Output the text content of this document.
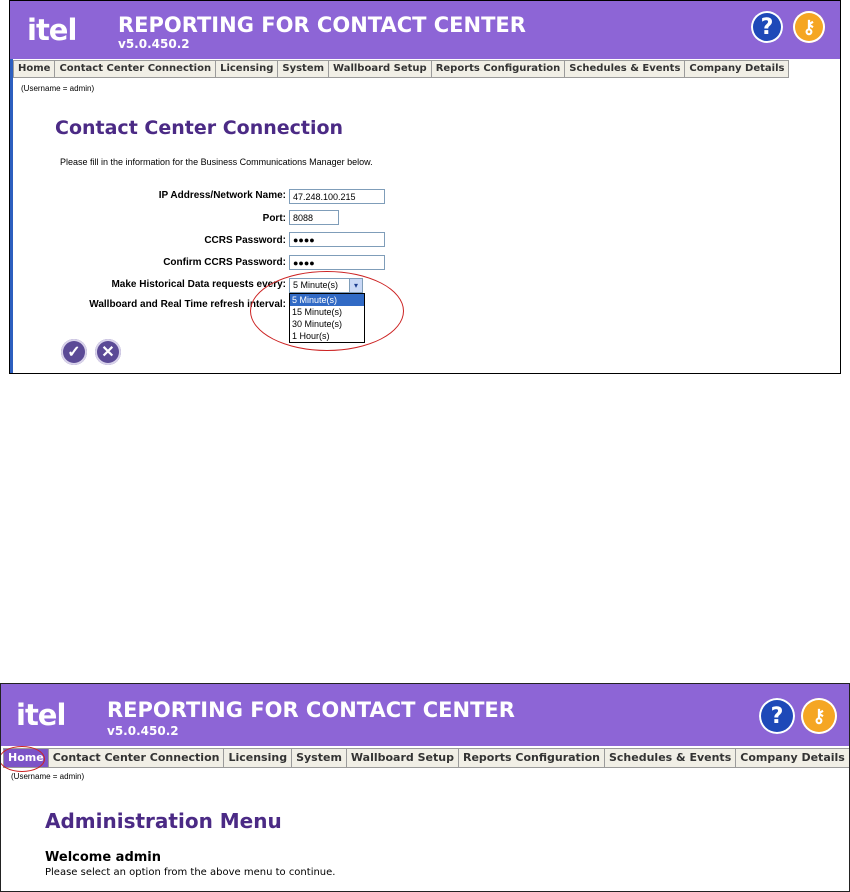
itel REPORTING FOR CONTACT CENTER
v5.0.450.2
?	⚷
Home Contact Center Connection Licensing System Wallboard Setup Reports Configuration Schedules & Events Company Details
(Username = admin)
Contact Center Connection
Please fill in the information for the Business Communications Manager below.
IP Address/Network Name: 47.248.100.215
Port: 8088
CCRS Password: ●●●●
Confirm CCRS Password: ●●●●
Make Historical Data requests every: 5 Minute(s)	▾
Wallboard and Real Time refresh interval: 5 Minute(s)
15 Minute(s)
30 Minute(s)
1 Hour(s)
✓	✕
itel REPORTING FOR CONTACT CENTER
v5.0.450.2
?	⚷
Home Contact Center Connection Licensing System Wallboard Setup Reports Configuration Schedules & Events Company Details
(Username = admin)
Administration Menu
Welcome admin
Please select an option from the above menu to continue.
